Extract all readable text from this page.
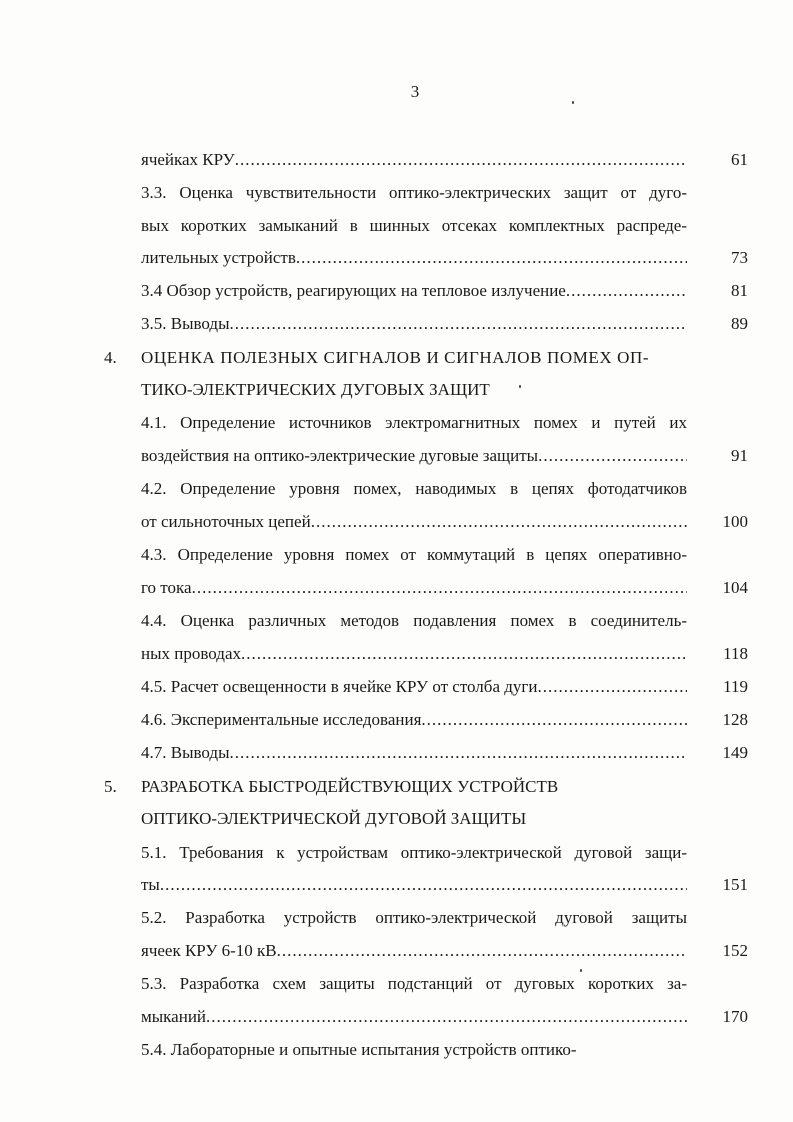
3
ячейках КРУ .....	61
3.3. Оценка чувствительности оптико-электрических защит от дуго-
вых коротких замыканий в шинных отсеках комплектных распреде-
лительных устройств .....	73
3.4 Обзор устройств, реагирующих на тепловое излучение .....	81
3.5. Выводы .....	89
4. ОЦЕНКА ПОЛЕЗНЫХ СИГНАЛОВ И СИГНАЛОВ ПОМЕХ ОП-
ТИКО-ЭЛЕКТРИЧЕСКИХ ДУГОВЫХ ЗАЩИТ
4.1. Определение источников электромагнитных помех и путей их
воздействия на оптико-электрические дуговые защиты .....	91
4.2. Определение уровня помех, наводимых в цепях фотодатчиков
от сильноточных цепей .....	100
4.3. Определение уровня помех от коммутаций в цепях оперативно-
го тока .....	104
4.4. Оценка различных методов подавления помех в соединитель-
ных проводах .....	118
4.5. Расчет освещенности в ячейке КРУ от столба дуги .....	119
4.6. Экспериментальные исследования .....	128
4.7. Выводы .....	149
5. РАЗРАБОТКА БЫСТРОДЕЙСТВУЮЩИХ УСТРОЙСТВ
ОПТИКО-ЭЛЕКТРИЧЕСКОЙ ДУГОВОЙ ЗАЩИТЫ
5.1. Требования к устройствам оптико-электрической дуговой защи-
ты .....	151
5.2. Разработка устройств оптико-электрической дуговой защиты
ячеек КРУ 6-10 кВ .....	152
5.3. Разработка схем защиты подстанций от дуговых коротких за-
мыканий .....	170
5.4. Лабораторные и опытные испытания устройств оптико-
